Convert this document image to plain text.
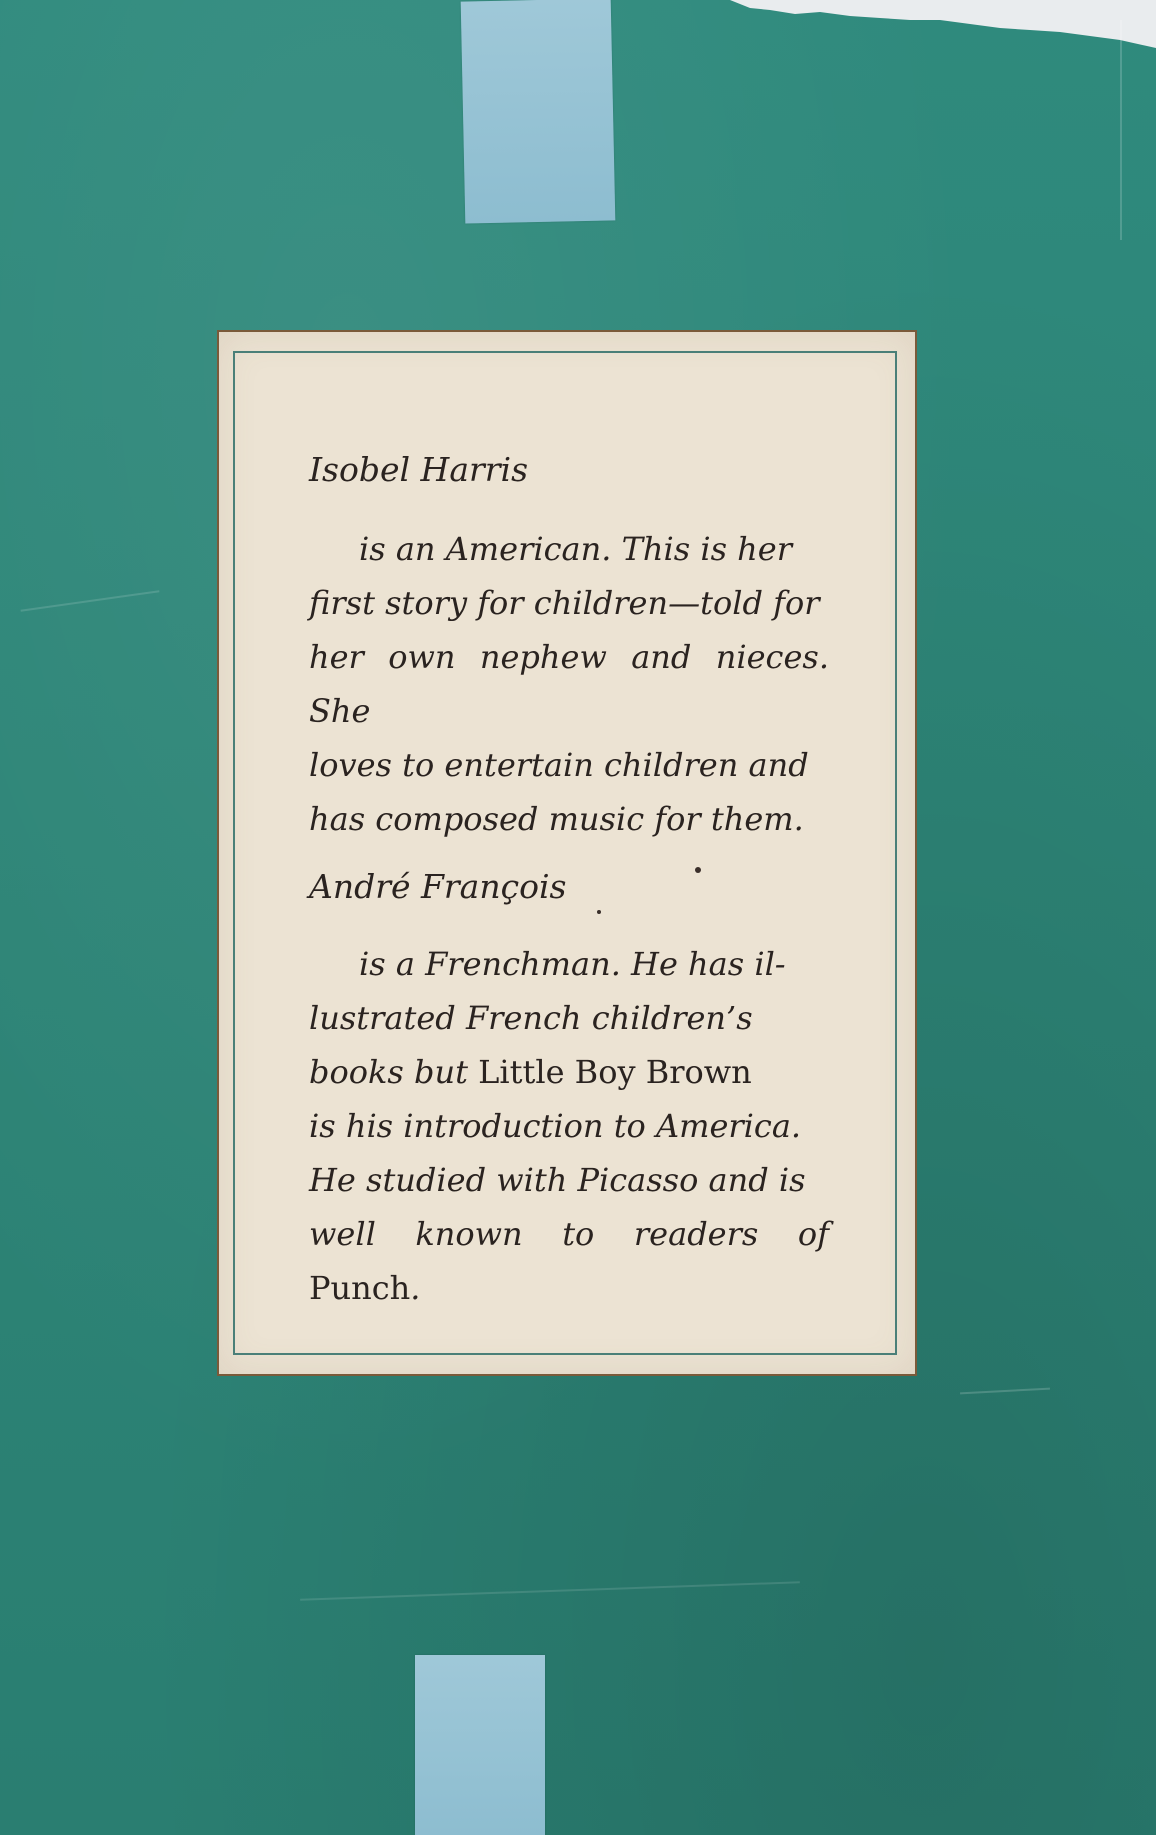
Isobel Harris
is an American. This is her
first story for children—told for
her own nephew and nieces. She
loves to entertain children and
has composed music for them.
André François
is a Frenchman. He has il-
lustrated French children’s
books but Little Boy Brown
is his introduction to America.
He studied with Picasso and is
well known to readers of Punch.
